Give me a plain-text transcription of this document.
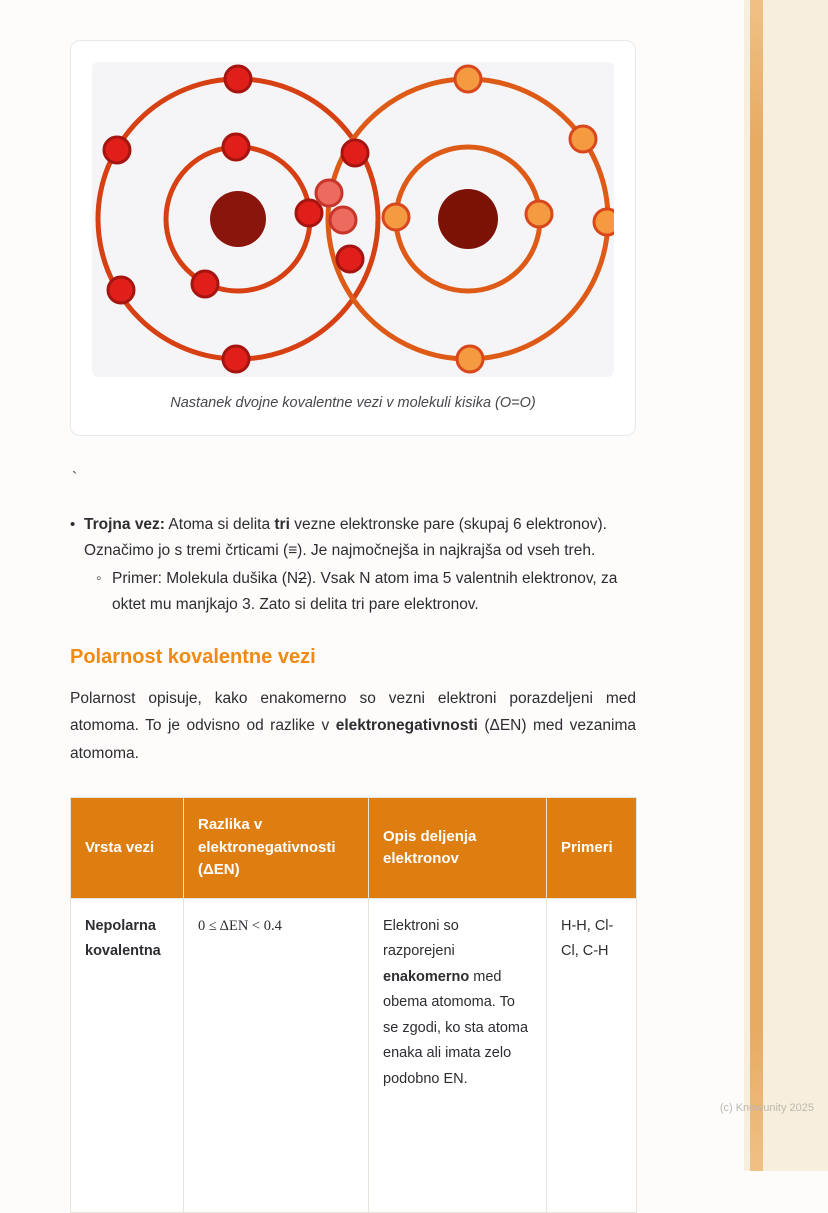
Nastanek dvojne kovalentne vezi v molekuli kisika (O=O)
`
• Trojna vez: Atoma si delita tri vezne elektronske pare (skupaj 6 elektronov). Označimo jo s tremi črticami (≡). Je najmočnejša in najkrajša od vseh treh.
◦ Primer: Molekula dušika (N2). Vsak N atom ima 5 valentnih elektronov, za oktet mu manjkajo 3. Zato si delita tri pare elektronov.
Polarnost kovalentne vezi

Polarnost opisuje, kako enakomerno so vezni elektroni porazdeljeni med atomoma. To je odvisno od razlike v elektronegativnosti (ΔEN) med vezanima atomoma.

Vrsta vezi	Razlika v elektronegativnosti (ΔEN)	Opis deljenja elektronov	Primeri
Nepolarna kovalentna	0 ≤ ΔEN < 0.4	Elektroni so razporejeni enakomerno med obema atomoma. To se zgodi, ko sta atoma enaka ali imata zelo podobno EN.	H-H, Cl-Cl, C-H
(c) Knowunity 2025
